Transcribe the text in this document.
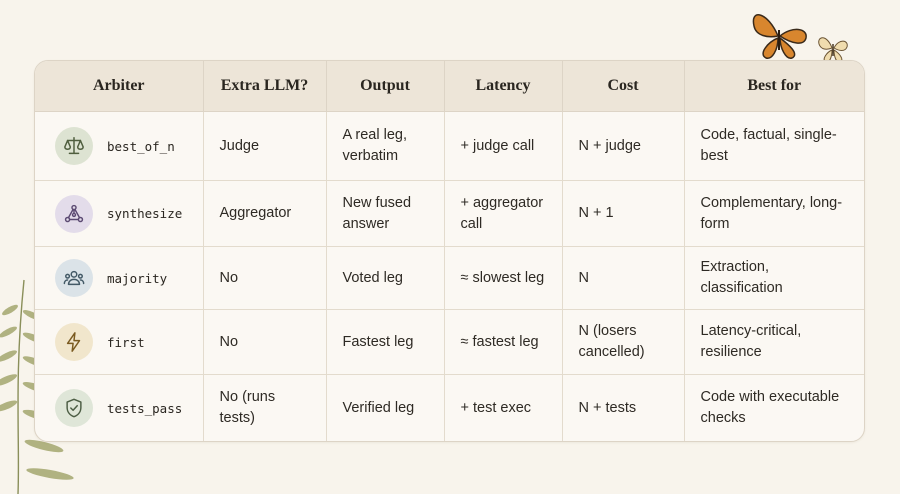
Arbiter	Extra LLM?	Output	Latency	Cost	Best for

best_of_n	Judge	A real leg, verbatim	+ judge call	N + judge	Code, factual, single-best

synthesize	Aggregator	New fused answer	+ aggregator call	N + 1	Complementary, long-form

majority	No	Voted leg	≈ slowest leg	N	Extraction, classification

first	No	Fastest leg	≈ fastest leg	N (losers cancelled)	Latency-critical, resilience

tests_pass	No (runs tests)	Verified leg	+ test exec	N + tests	Code with executable checks
